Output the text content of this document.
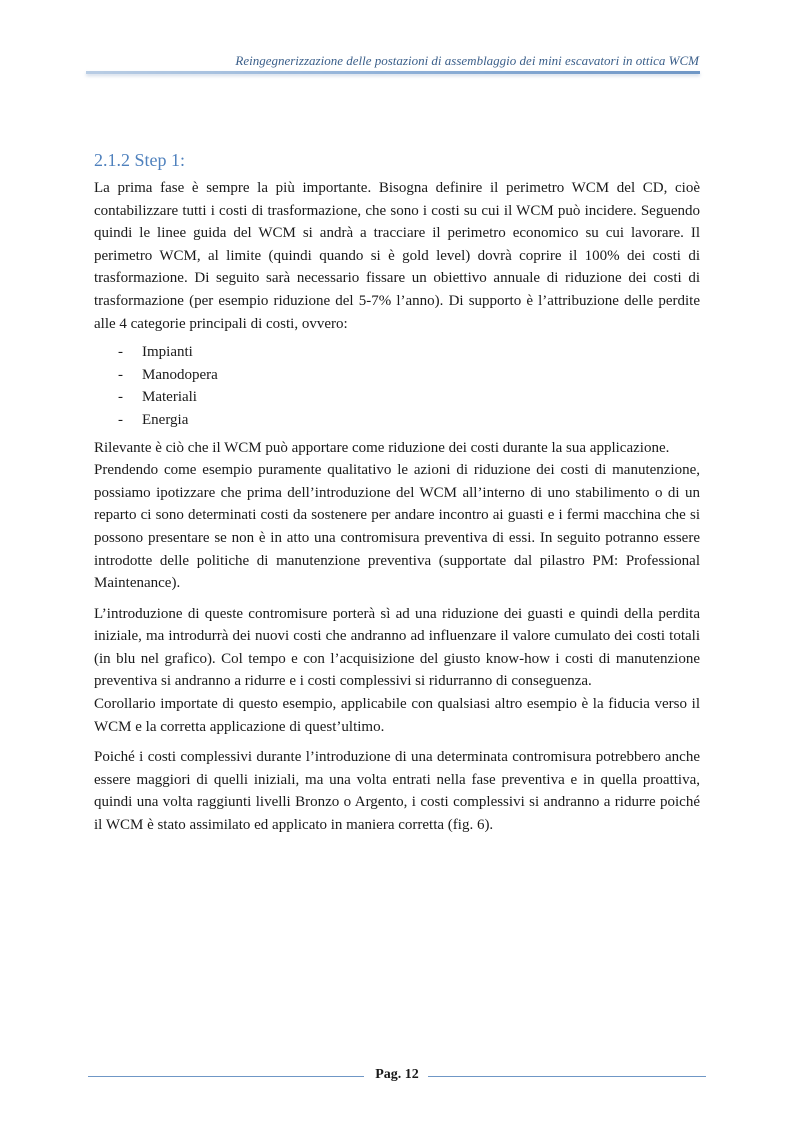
Reingegnerizzazione delle postazioni di assemblaggio dei mini escavatori in ottica WCM
2.1.2 Step 1:

La prima fase è sempre la più importante. Bisogna definire il perimetro WCM del CD, cioè contabilizzare tutti i costi di trasformazione, che sono i costi su cui il WCM può incidere. Seguendo quindi le linee guida del WCM si andrà a tracciare il perimetro economico su cui lavorare. Il perimetro WCM, al limite (quindi quando si è gold level) dovrà coprire il 100% dei costi di trasformazione. Di seguito sarà necessario fissare un obiettivo annuale di riduzione dei costi di trasformazione (per esempio riduzione del 5-7% l’anno). Di supporto è l’attribuzione delle perdite alle 4 categorie principali di costi, ovvero:

- Impianti
- Manodopera
- Materiali
- Energia

Rilevante è ciò che il WCM può apportare come riduzione dei costi durante la sua applicazione.

Prendendo come esempio puramente qualitativo le azioni di riduzione dei costi di manutenzione, possiamo ipotizzare che prima dell’introduzione del WCM all’interno di uno stabilimento o di un reparto ci sono determinati costi da sostenere per andare incontro ai guasti e i fermi macchina che si possono presentare se non è in atto una contromisura preventiva di essi. In seguito potranno essere introdotte delle politiche di manutenzione preventiva (supportate dal pilastro PM: Professional Maintenance).

L’introduzione di queste contromisure porterà sì ad una riduzione dei guasti e quindi della perdita iniziale, ma introdurrà dei nuovi costi che andranno ad influenzare il valore cumulato dei costi totali (in blu nel grafico). Col tempo e con l’acquisizione del giusto know-how i costi di manutenzione preventiva si andranno a ridurre e i costi complessivi si ridurranno di conseguenza.

Corollario importate di questo esempio, applicabile con qualsiasi altro esempio è la fiducia verso il WCM e la corretta applicazione di quest’ultimo.

Poiché i costi complessivi durante l’introduzione di una determinata contromisura potrebbero anche essere maggiori di quelli iniziali, ma una volta entrati nella fase preventiva e in quella proattiva, quindi una volta raggiunti livelli Bronzo o Argento, i costi complessivi si andranno a ridurre poiché il WCM è stato assimilato ed applicato in maniera corretta (fig. 6).

Pag. 12
